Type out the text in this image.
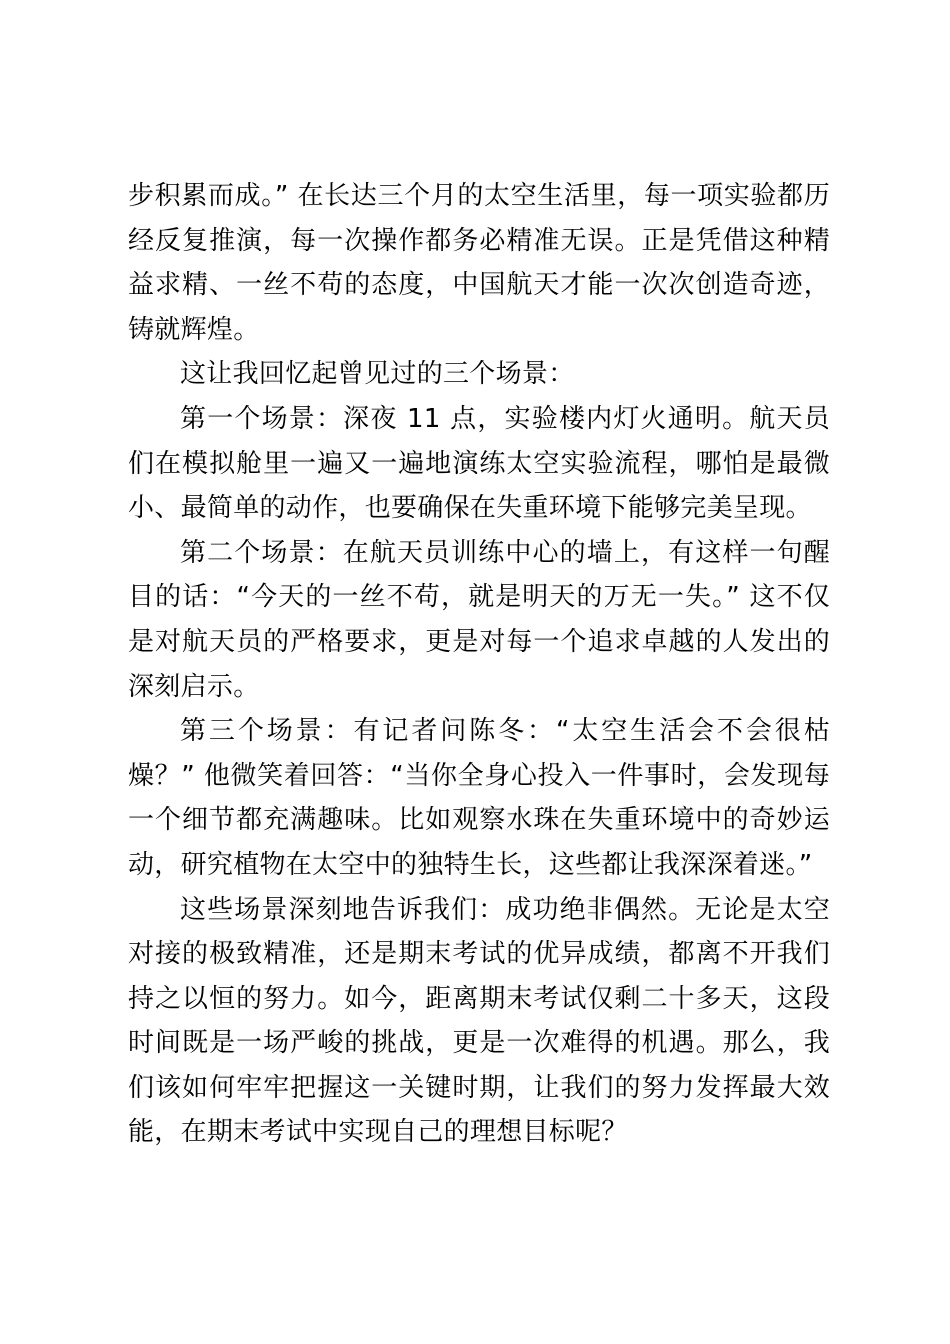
步积累而成。” 在长达三个月的太空生活里，每一项实验都历经反复推演，每一次操作都务必精准无误。正是凭借这种精益求精、一丝不苟的态度，中国航天才能一次次创造奇迹，铸就辉煌。

这让我回忆起曾见过的三个场景：

第一个场景：深夜 11 点，实验楼内灯火通明。航天员们在模拟舱里一遍又一遍地演练太空实验流程，哪怕是最微小、最简单的动作，也要确保在失重环境下能够完美呈现。

第二个场景：在航天员训练中心的墙上，有这样一句醒目的话：“今天的一丝不苟，就是明天的万无一失。” 这不仅是对航天员的严格要求，更是对每一个追求卓越的人发出的深刻启示。

第三个场景：有记者问陈冬：“太空生活会不会很枯燥？” 他微笑着回答：“当你全身心投入一件事时，会发现每一个细节都充满趣味。比如观察水珠在失重环境中的奇妙运动，研究植物在太空中的独特生长，这些都让我深深着迷。”

这些场景深刻地告诉我们：成功绝非偶然。无论是太空对接的极致精准，还是期末考试的优异成绩，都离不开我们持之以恒的努力。如今，距离期末考试仅剩二十多天，这段时间既是一场严峻的挑战，更是一次难得的机遇。那么，我们该如何牢牢把握这一关键时期，让我们的努力发挥最大效能，在期末考试中实现自己的理想目标呢？
